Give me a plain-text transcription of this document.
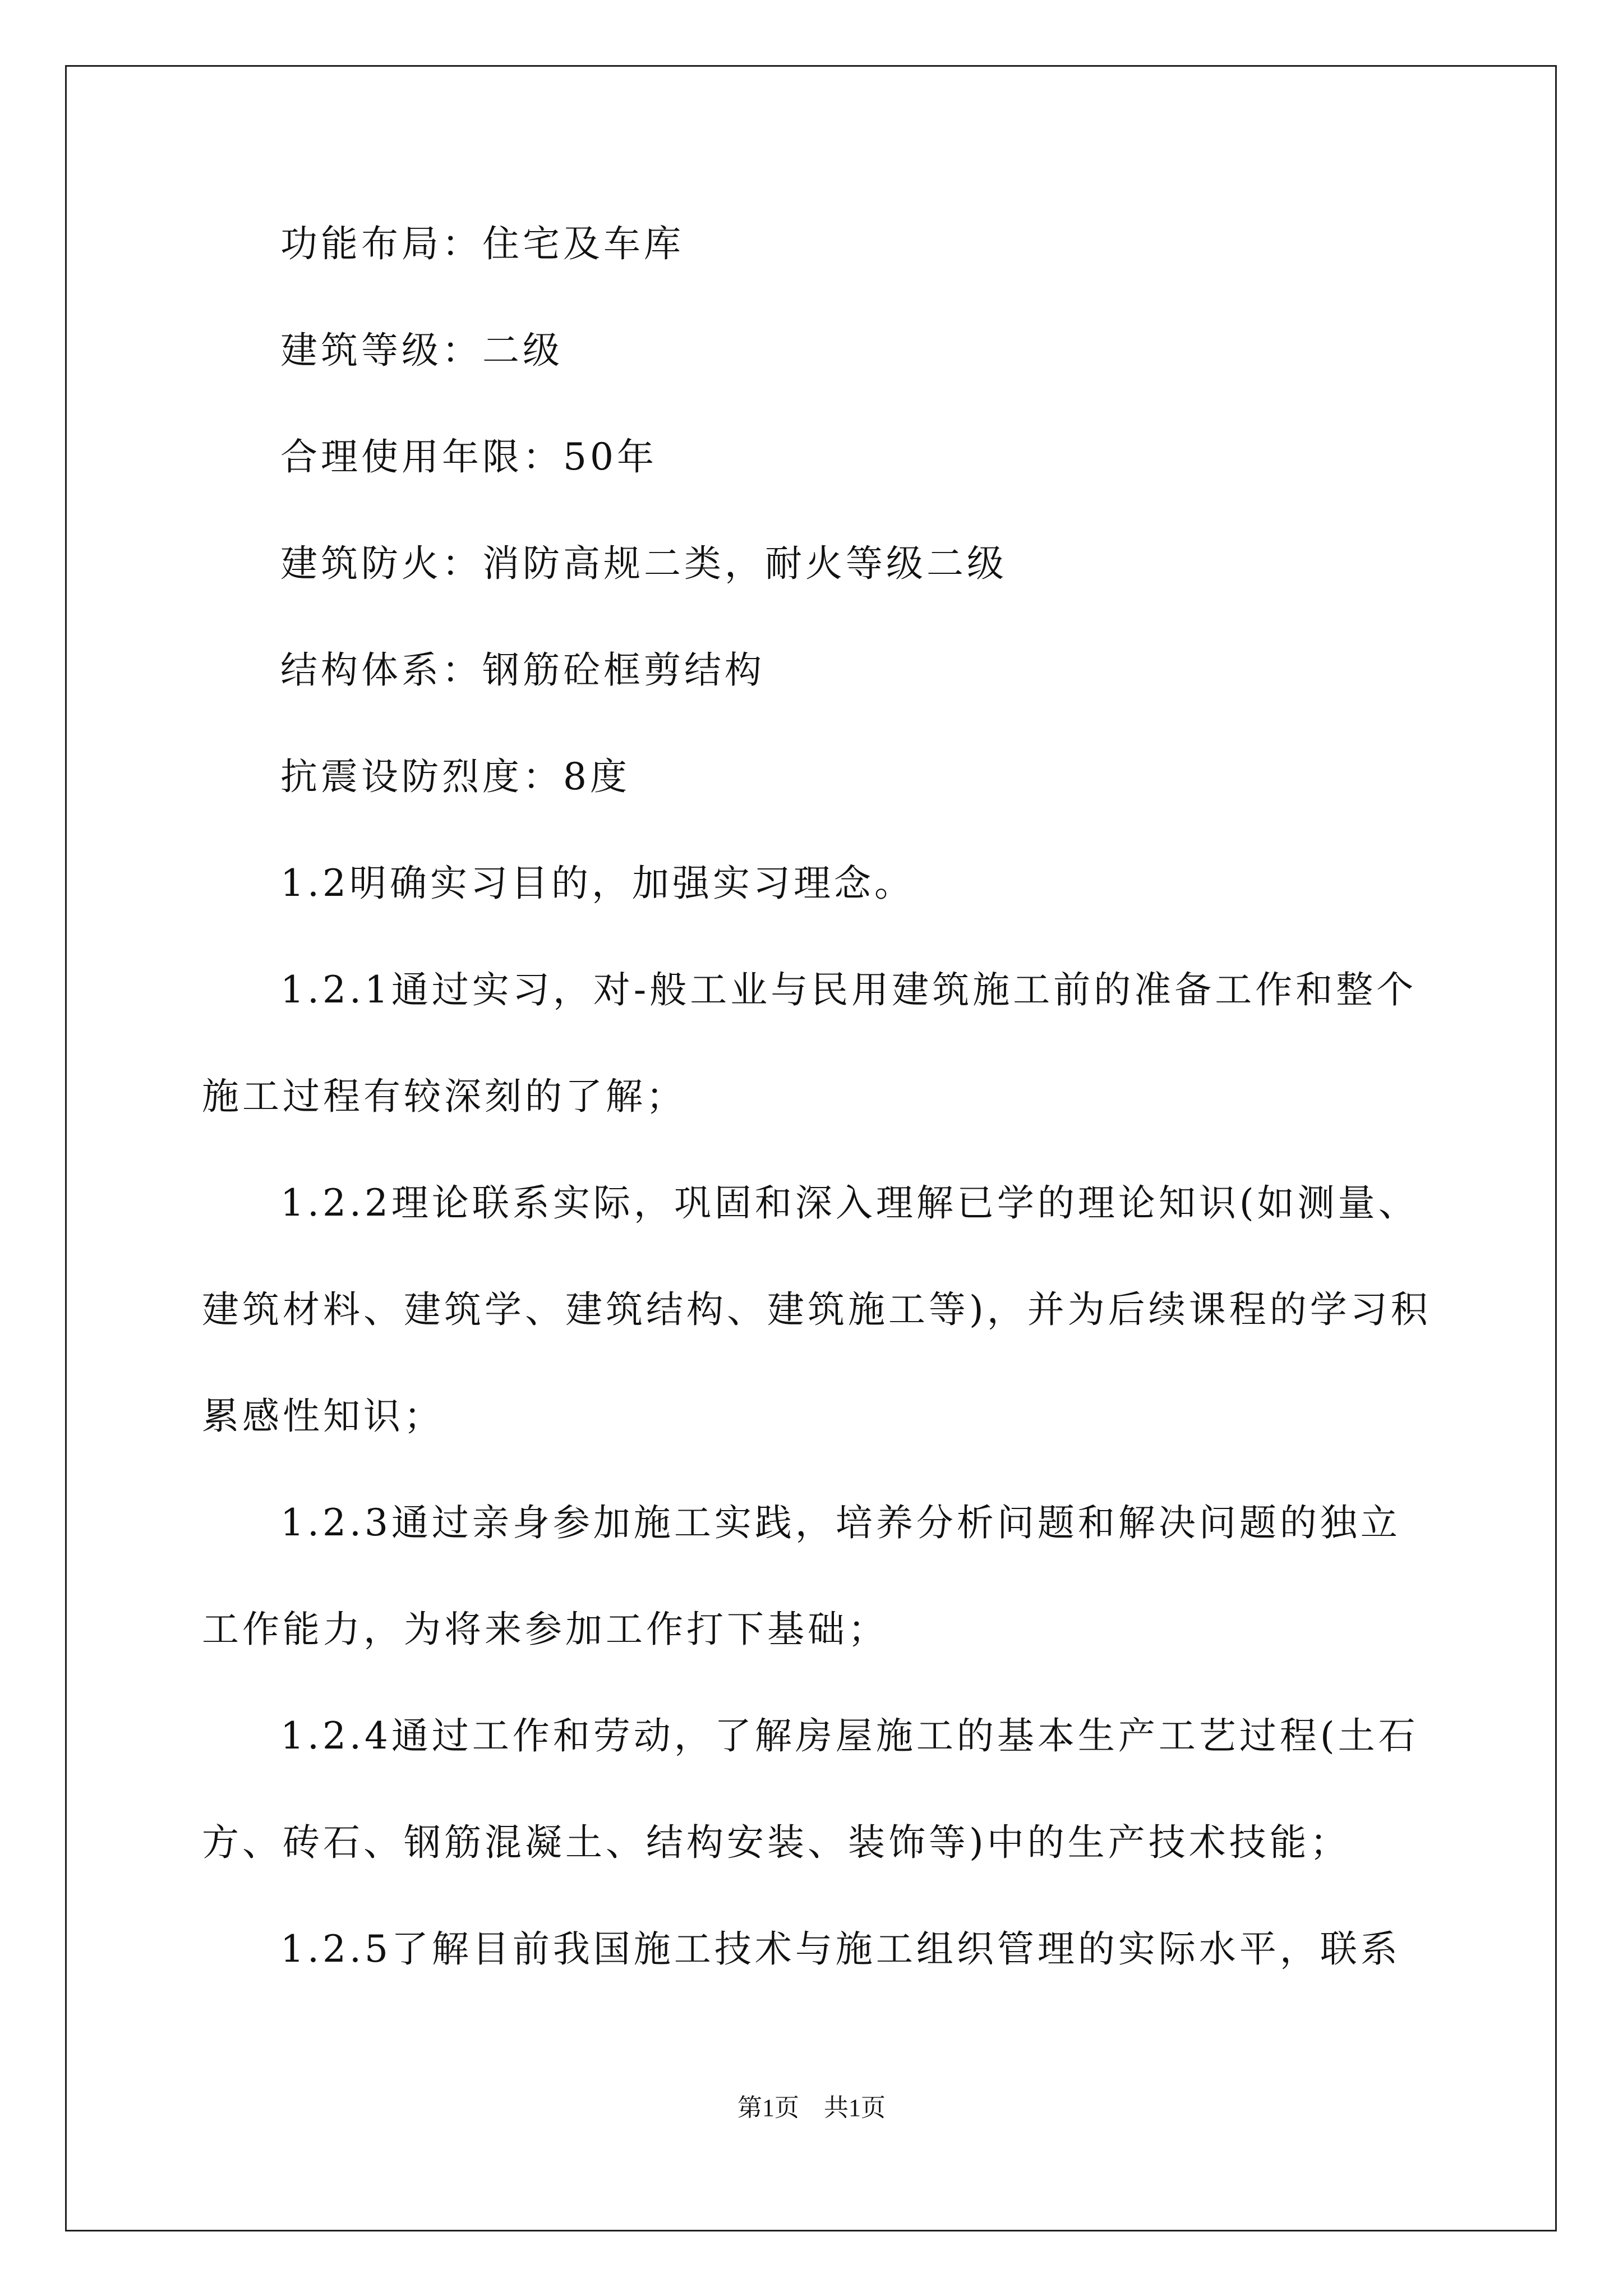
功能布局：住宅及车库
建筑等级：二级
合理使用年限：50年
建筑防火：消防高规二类，耐火等级二级
结构体系：钢筋砼框剪结构
抗震设防烈度：8度
1.2明确实习目的，加强实习理念。
1.2.1通过实习，对-般工业与民用建筑施工前的准备工作和整个
施工过程有较深刻的了解；
1.2.2理论联系实际，巩固和深入理解已学的理论知识(如测量、
建筑材料、建筑学、建筑结构、建筑施工等)，并为后续课程的学习积
累感性知识；
1.2.3通过亲身参加施工实践，培养分析问题和解决问题的独立
工作能力，为将来参加工作打下基础；
1.2.4通过工作和劳动，了解房屋施工的基本生产工艺过程(土石
方、砖石、钢筋混凝土、结构安装、装饰等)中的生产技术技能；
1.2.5了解目前我国施工技术与施工组织管理的实际水平，联系
第1页　共1页
